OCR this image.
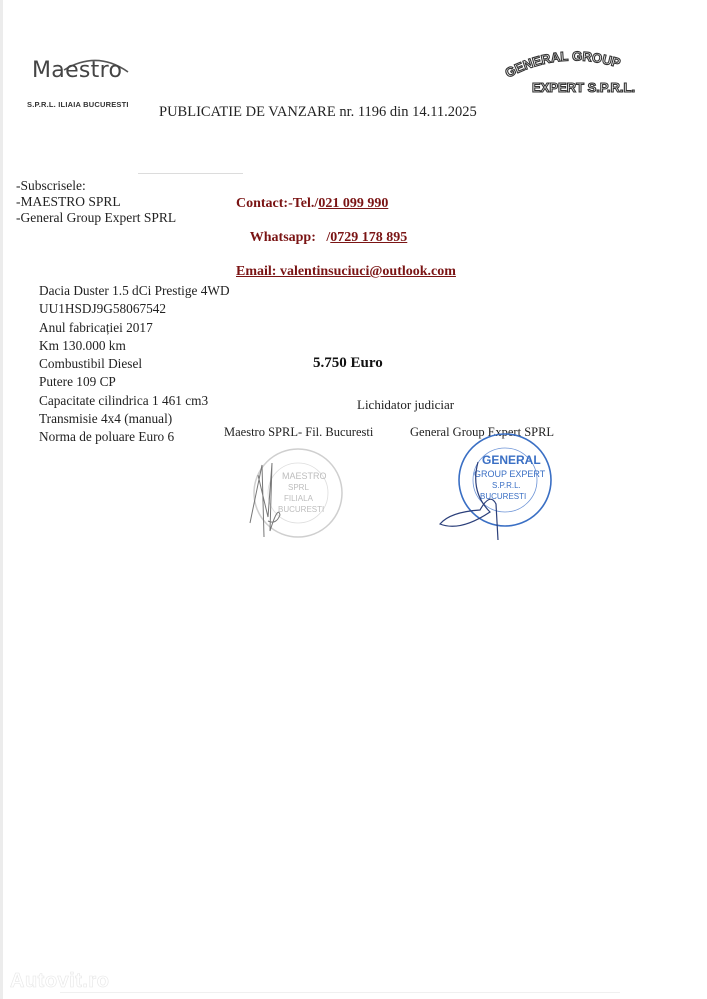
Maestro
S.P.R.L. ILIAIA BUCURESTI
GENERAL GROUP
EXPERT S.P.R.L.
PUBLICATIE DE VANZARE nr. 1196 din 14.11.2025

-Subscrisele:
-MAESTRO SPRL
-General Group Expert SPRL
Contact:-Tel./021 099 990

Whatsapp:   /0729 178 895

Email: valentinsuciuci@outlook.com
Dacia Duster 1.5 dCi Prestige 4WD
UU1HSDJ9G58067542
Anul fabricației 2017
Km 130.000 km
Combustibil Diesel
Putere 109 CP
Capacitate cilindrica 1 461 cm3
Transmisie 4x4 (manual)
Norma de poluare Euro 6
5.750 Euro
Lichidator judiciar
Maestro SPRL- Fil. Bucuresti	General Group Expert SPRL
MAESTRO
SPRL
FILIALA
BUCURESTI
GENERAL
GROUP EXPERT
S.P.R.L.
BUCURESTI
Autovit.ro
